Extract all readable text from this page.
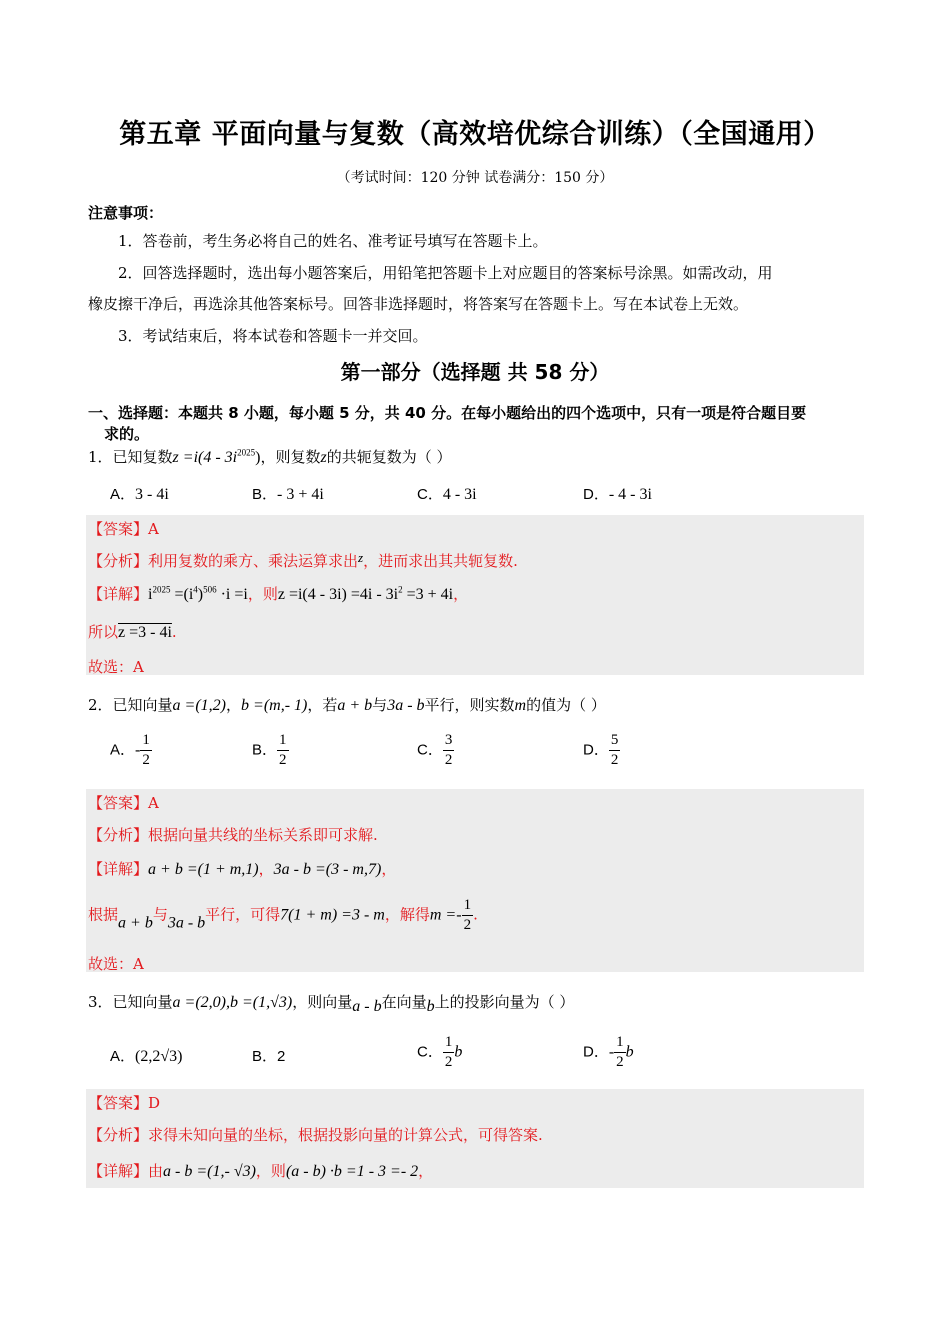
第五章 平面向量与复数（高效培优综合训练）（全国通用）
（考试时间：120 分钟 试卷满分：150 分）
注意事项：
1．答卷前，考生务必将自己的姓名、准考证号填写在答题卡上。
2．回答选择题时，选出每小题答案后，用铅笔把答题卡上对应题目的答案标号涂黑。如需改动，用
橡皮擦干净后，再选涂其他答案标号。回答非选择题时，将答案写在答题卡上。写在本试卷上无效。
3．考试结束后，将本试卷和答题卡一并交回。
第一部分（选择题 共 58 分）
一、选择题：本题共 8 小题，每小题 5 分，共 40 分。在每小题给出的四个选项中，只有一项是符合题目要
求的。
1．已知复数$z =i(4 - 3i^{2025})$，则复数z的共轭复数为（ ）
A．3 - 4i	B．- 3 + 4i	C．4 - 3i	D．- 4 - 3i
【答案】A
【分析】利用复数的乘方、乘法运算求出z，进而求出其共轭复数.
【详解】$i^{2025} =(i^4)^{506} \cdot i =i$，则$z =i(4 - 3i) =4i - 3i^2 =3 + 4i$，
所以z =3 - 4i.
故选：A
2．已知向量a =(1,2)，b =(m,- 1)，若a + b与3a - b平行，则实数m的值为（ ）
A．- $\frac{1}{2}$	B． $\frac{1}{2}$	C． $\frac{3}{2}$	D． $\frac{5}{2}$
【答案】A
【分析】根据向量共线的坐标关系即可求解.
【详解】a + b =(1 + m,1)，3a - b =(3 - m,7)，
根据a + b与3a - b平行，可得7(1 + m) =3 - m，解得$m =- \frac{1}{2}$ .
故选：A
3．已知向量a =(2,0),b =(1,√3)，则向量a - b在向量b上的投影向量为（ ）
A．(2,2√3)	B．2	C． $\frac{1}{2}$ b	D．- $\frac{1}{2}$ b
【答案】D
【分析】求得未知向量的坐标，根据投影向量的计算公式，可得答案.
【详解】由a - b =(1,- √3)，则(a - b) ·b =1 - 3 =- 2，
